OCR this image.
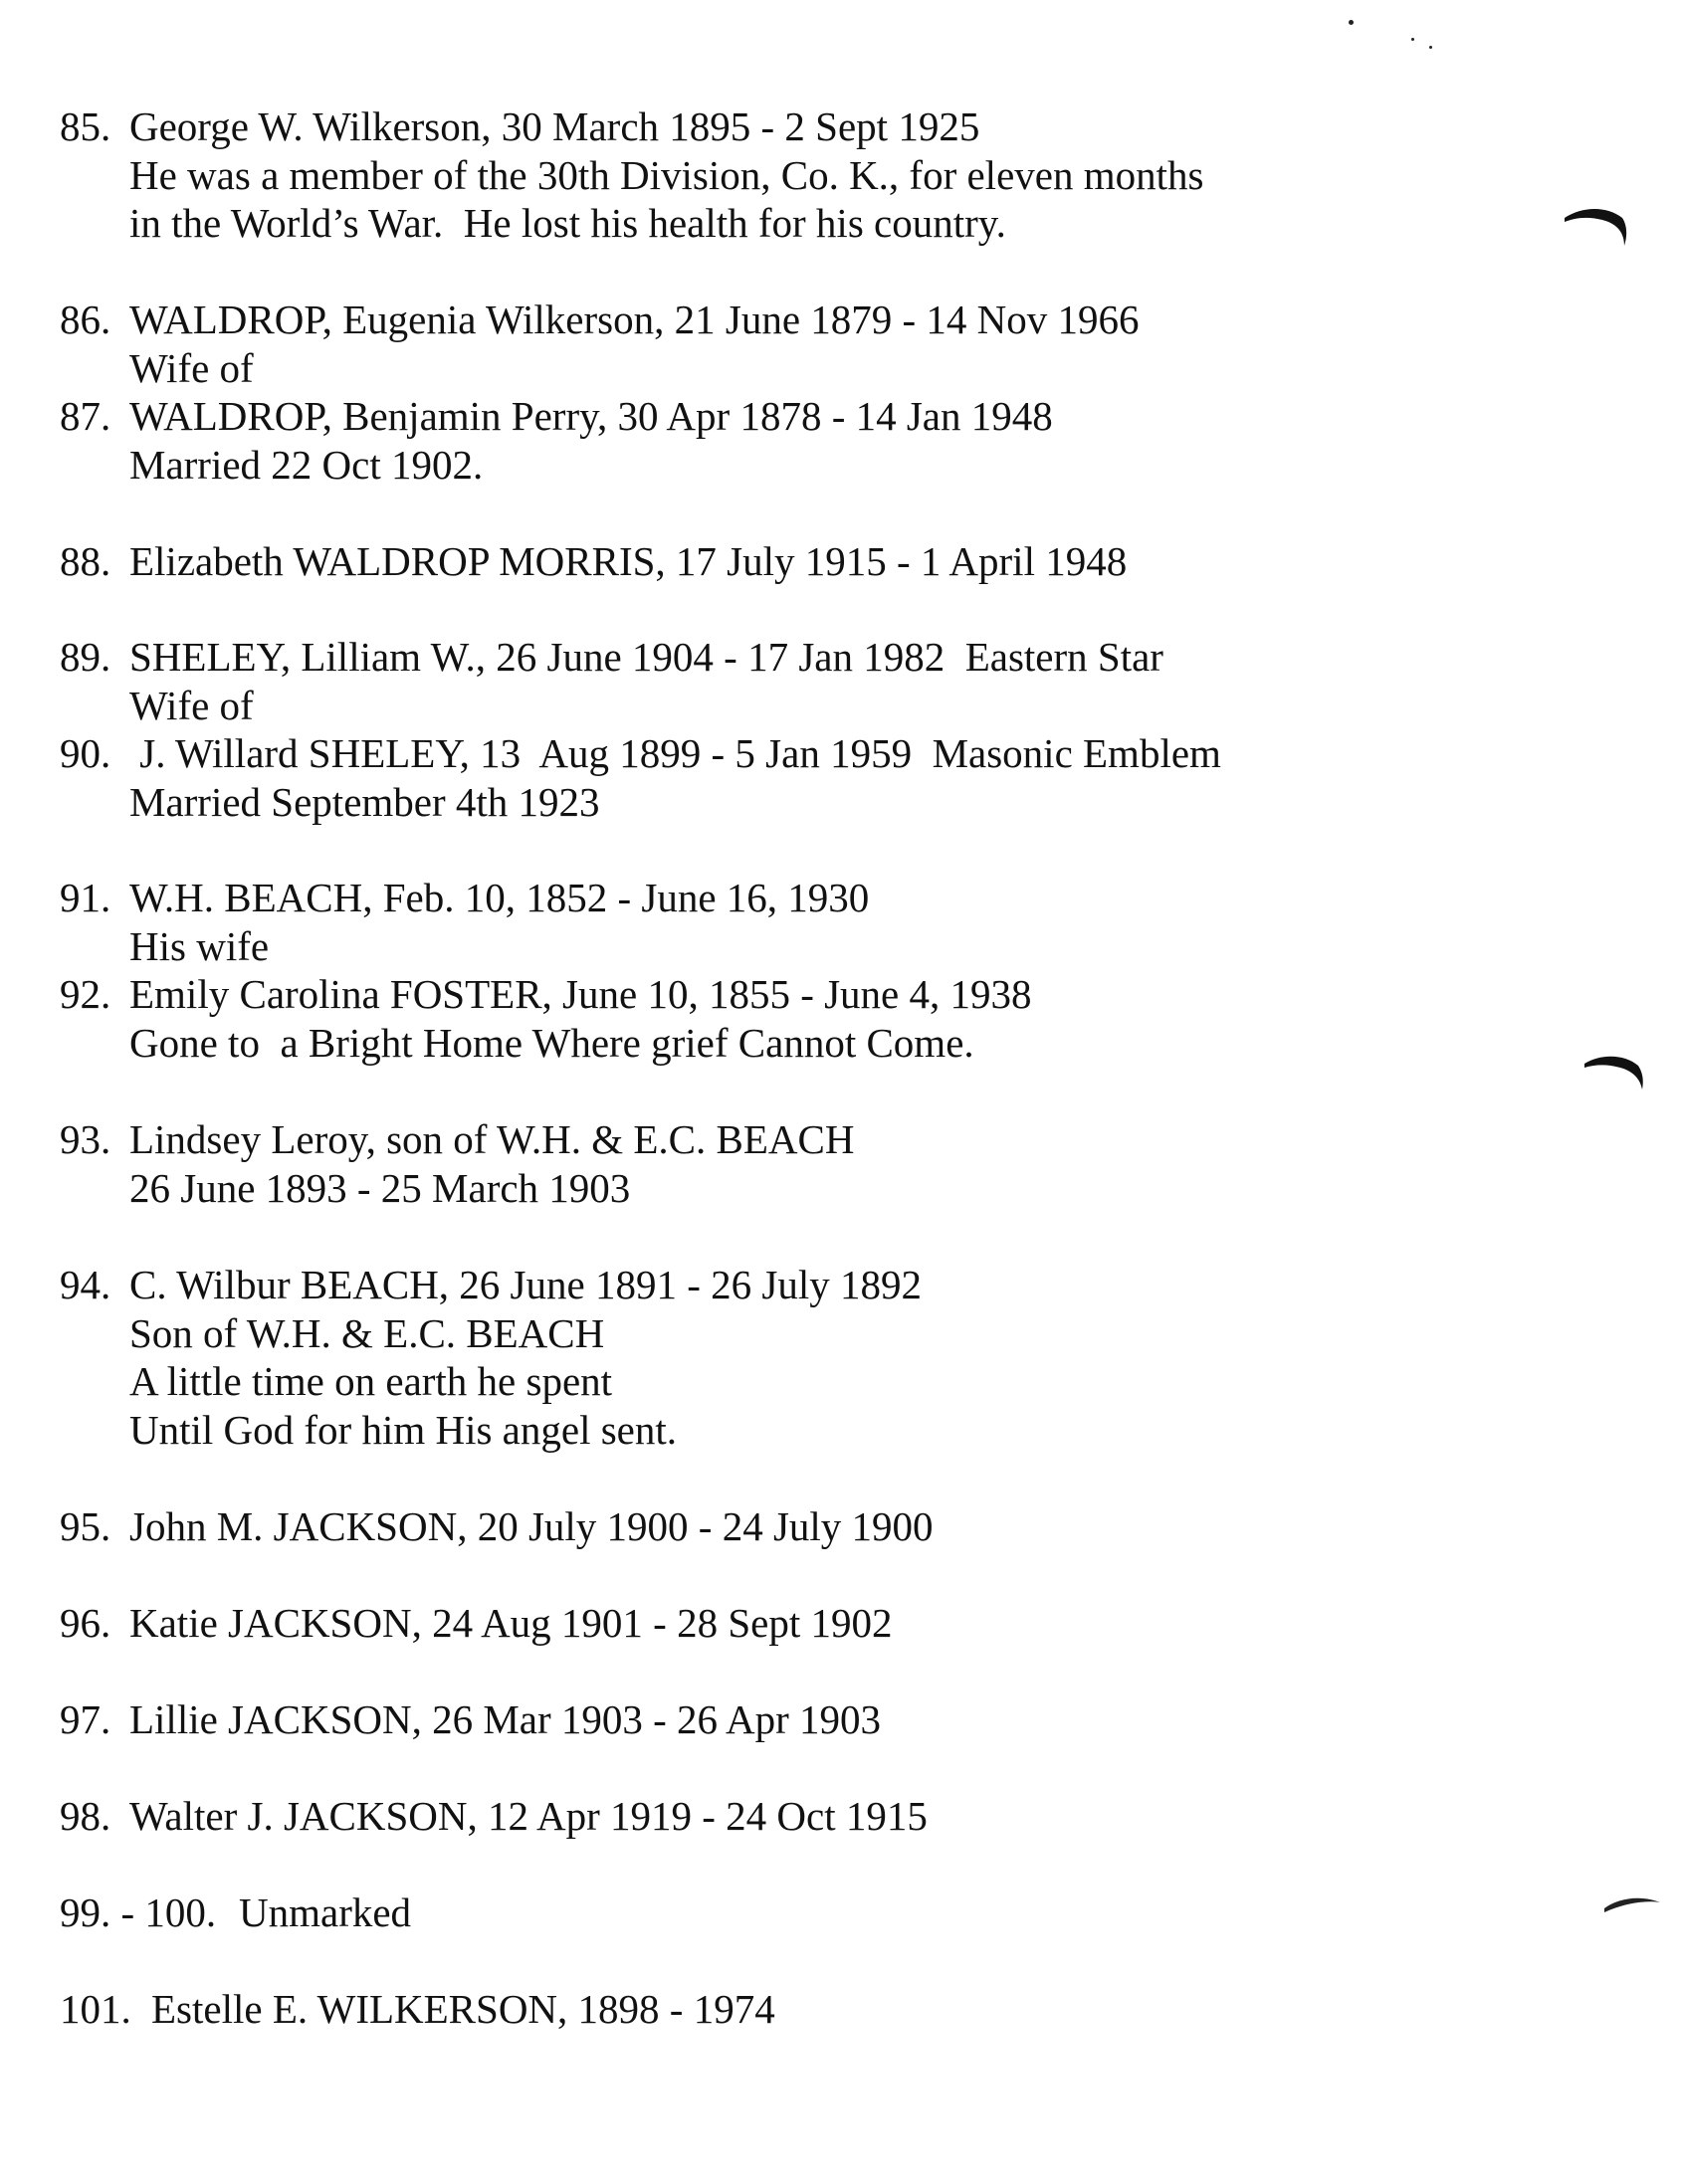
85. George W. Wilkerson, 30 March 1895 - 2 Sept 1925
He was a member of the 30th Division, Co. K., for eleven months
in the World’s War.  He lost his health for his country.
86. WALDROP, Eugenia Wilkerson, 21 June 1879 - 14 Nov 1966
Wife of
87. WALDROP, Benjamin Perry, 30 Apr 1878 - 14 Jan 1948
Married 22 Oct 1902.
88. Elizabeth WALDROP MORRIS, 17 July 1915 - 1 April 1948
89. SHELEY, Lilliam W., 26 June 1904 - 17 Jan 1982  Eastern Star
Wife of
90. J. Willard SHELEY, 13  Aug 1899 - 5 Jan 1959  Masonic Emblem
Married September 4th 1923
91. W.H. BEACH, Feb. 10, 1852 - June 16, 1930
His wife
92. Emily Carolina FOSTER, June 10, 1855 - June 4, 1938
Gone to  a Bright Home Where grief Cannot Come.
93. Lindsey Leroy, son of W.H. & E.C. BEACH
26 June 1893 - 25 March 1903
94. C. Wilbur BEACH, 26 June 1891 - 26 July 1892
Son of W.H. & E.C. BEACH
A little time on earth he spent
Until God for him His angel sent.
95. John M. JACKSON, 20 July 1900 - 24 July 1900
96. Katie JACKSON, 24 Aug 1901 - 28 Sept 1902
97. Lillie JACKSON, 26 Mar 1903 - 26 Apr 1903
98. Walter J. JACKSON, 12 Apr 1919 - 24 Oct 1915
99. - 100. Unmarked
101. Estelle E. WILKERSON, 1898 - 1974
